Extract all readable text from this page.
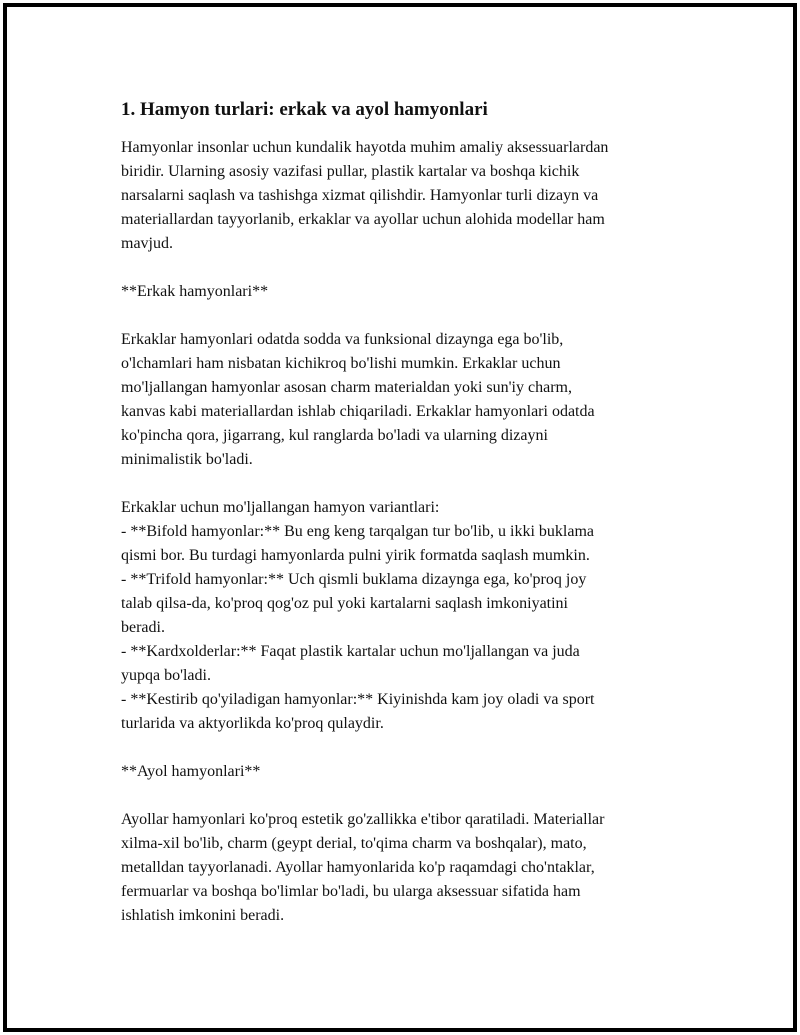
1. Hamyon turlari: erkak va ayol hamyonlari
Hamyonlar insonlar uchun kundalik hayotda muhim amaliy aksessuarlardan
biridir. Ularning asosiy vazifasi pullar, plastik kartalar va boshqa kichik
narsalarni saqlash va tashishga xizmat qilishdir. Hamyonlar turli dizayn va
materiallardan tayyorlanib, erkaklar va ayollar uchun alohida modellar ham
mavjud.
**Erkak hamyonlari**
Erkaklar hamyonlari odatda sodda va funksional dizaynga ega bo'lib,
o'lchamlari ham nisbatan kichikroq bo'lishi mumkin. Erkaklar uchun
mo'ljallangan hamyonlar asosan charm materialdan yoki sun'iy charm,
kanvas kabi materiallardan ishlab chiqariladi. Erkaklar hamyonlari odatda
ko'pincha qora, jigarrang, kul ranglarda bo'ladi va ularning dizayni
minimalistik bo'ladi.
Erkaklar uchun mo'ljallangan hamyon variantlari:
- **Bifold hamyonlar:** Bu eng keng tarqalgan tur bo'lib, u ikki buklama
qismi bor. Bu turdagi hamyonlarda pulni yirik formatda saqlash mumkin.
- **Trifold hamyonlar:** Uch qismli buklama dizaynga ega, ko'proq joy
talab qilsa-da, ko'proq qog'oz pul yoki kartalarni saqlash imkoniyatini
beradi.
- **Kardxolderlar:** Faqat plastik kartalar uchun mo'ljallangan va juda
yupqa bo'ladi.
- **Kestirib qo'yiladigan hamyonlar:** Kiyinishda kam joy oladi va sport
turlarida va aktyorlikda ko'proq qulaydir.
**Ayol hamyonlari**
Ayollar hamyonlari ko'proq estetik go'zallikka e'tibor qaratiladi. Materiallar
xilma-xil bo'lib, charm (geypt derial, to'qima charm va boshqalar), mato,
metalldan tayyorlanadi. Ayollar hamyonlarida ko'p raqamdagi cho'ntaklar,
fermuarlar va boshqa bo'limlar bo'ladi, bu ularga aksessuar sifatida ham
ishlatish imkonini beradi.
